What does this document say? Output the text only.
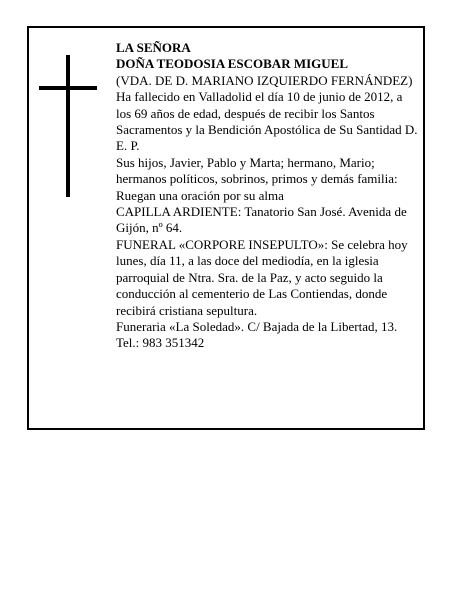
LA SEÑORA

DOÑA TEODOSIA ESCOBAR MIGUEL

(VDA. DE D. MARIANO IZQUIERDO FERNÁNDEZ)

Ha fallecido en Valladolid el día 10 de junio de 2012, a los 69 años de edad, después de recibir los Santos Sacramentos y la Bendición Apostólica de Su Santidad D. E. P.

Sus hijos, Javier, Pablo y Marta; hermano, Mario; hermanos políticos, sobrinos, primos y demás familia:

Ruegan una oración por su alma

CAPILLA ARDIENTE: Tanatorio San José. Avenida de Gijón, nº 64.

FUNERAL «CORPORE INSEPULTO»: Se celebra hoy lunes, día 11, a las doce del mediodía, en la iglesia parroquial de Ntra. Sra. de la Paz, y acto seguido la conducción al cementerio de Las Contiendas, donde recibirá cristiana sepultura.

Funeraria «La Soledad». C/ Bajada de la Libertad, 13. Tel.: 983 351342
